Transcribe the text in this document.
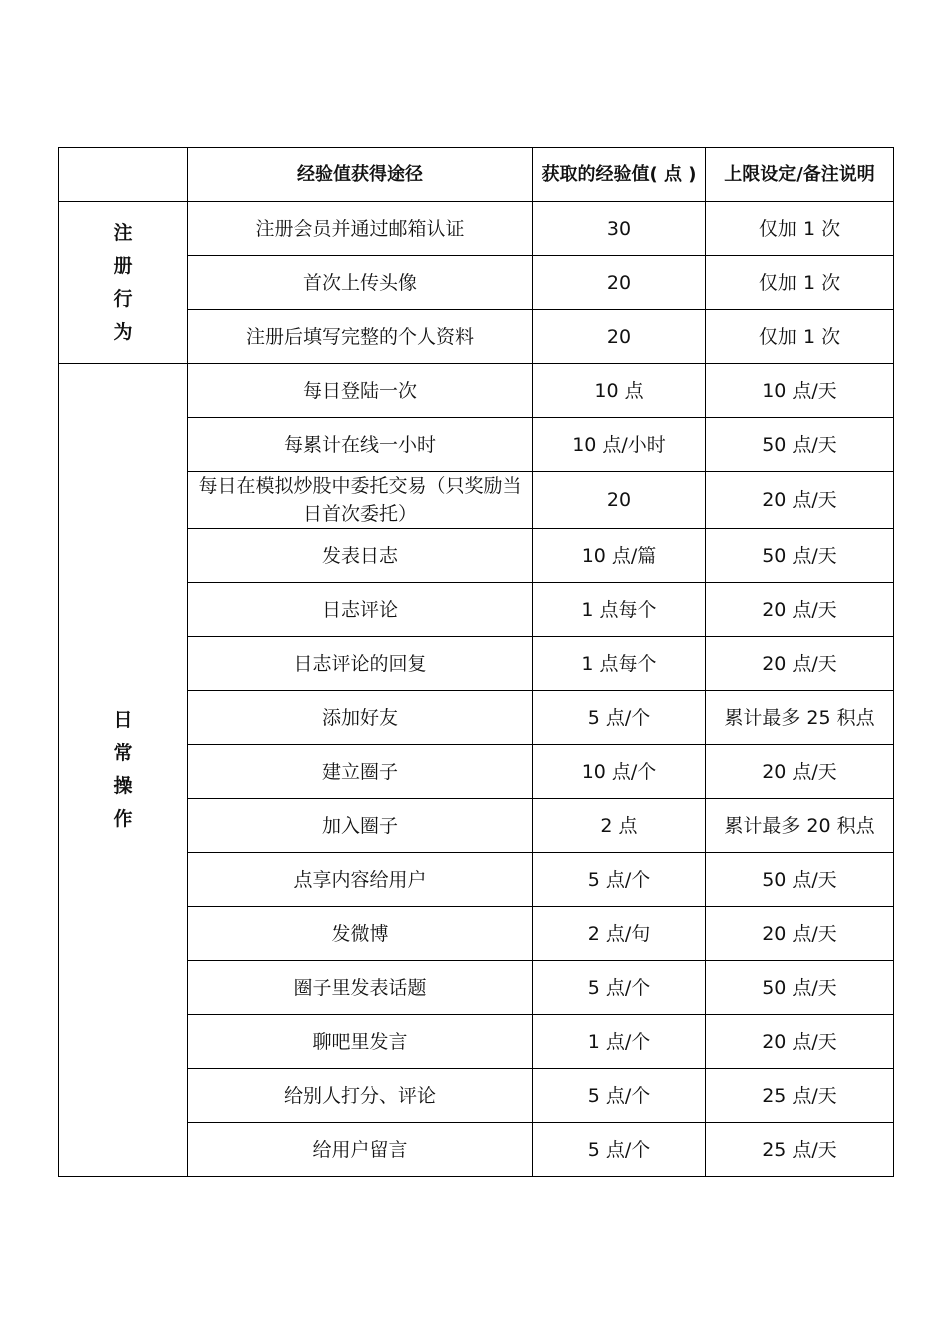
	经验值获得途径	获取的经验值( 点 )	上限设定/备注说明
注册行为	注册会员并通过邮箱认证	30	仅加 1 次
	首次上传头像	20	仅加 1 次
	注册后填写完整的个人资料	20	仅加 1 次
日常操作	每日登陆一次	10 点	10 点/天
	每累计在线一小时	10 点/小时	50 点/天
	每日在模拟炒股中委托交易（只奖励当日首次委托）	20	20 点/天
	发表日志	10 点/篇	50 点/天
	日志评论	1 点每个	20 点/天
	日志评论的回复	1 点每个	20 点/天
	添加好友	5 点/个	累计最多 25 积点
	建立圈子	10 点/个	20 点/天
	加入圈子	2 点	累计最多 20 积点
	点享内容给用户	5 点/个	50 点/天
	发微博	2 点/句	20 点/天
	圈子里发表话题	5 点/个	50 点/天
	聊吧里发言	1 点/个	20 点/天
	给别人打分、评论	5 点/个	25 点/天
	给用户留言	5 点/个	25 点/天
